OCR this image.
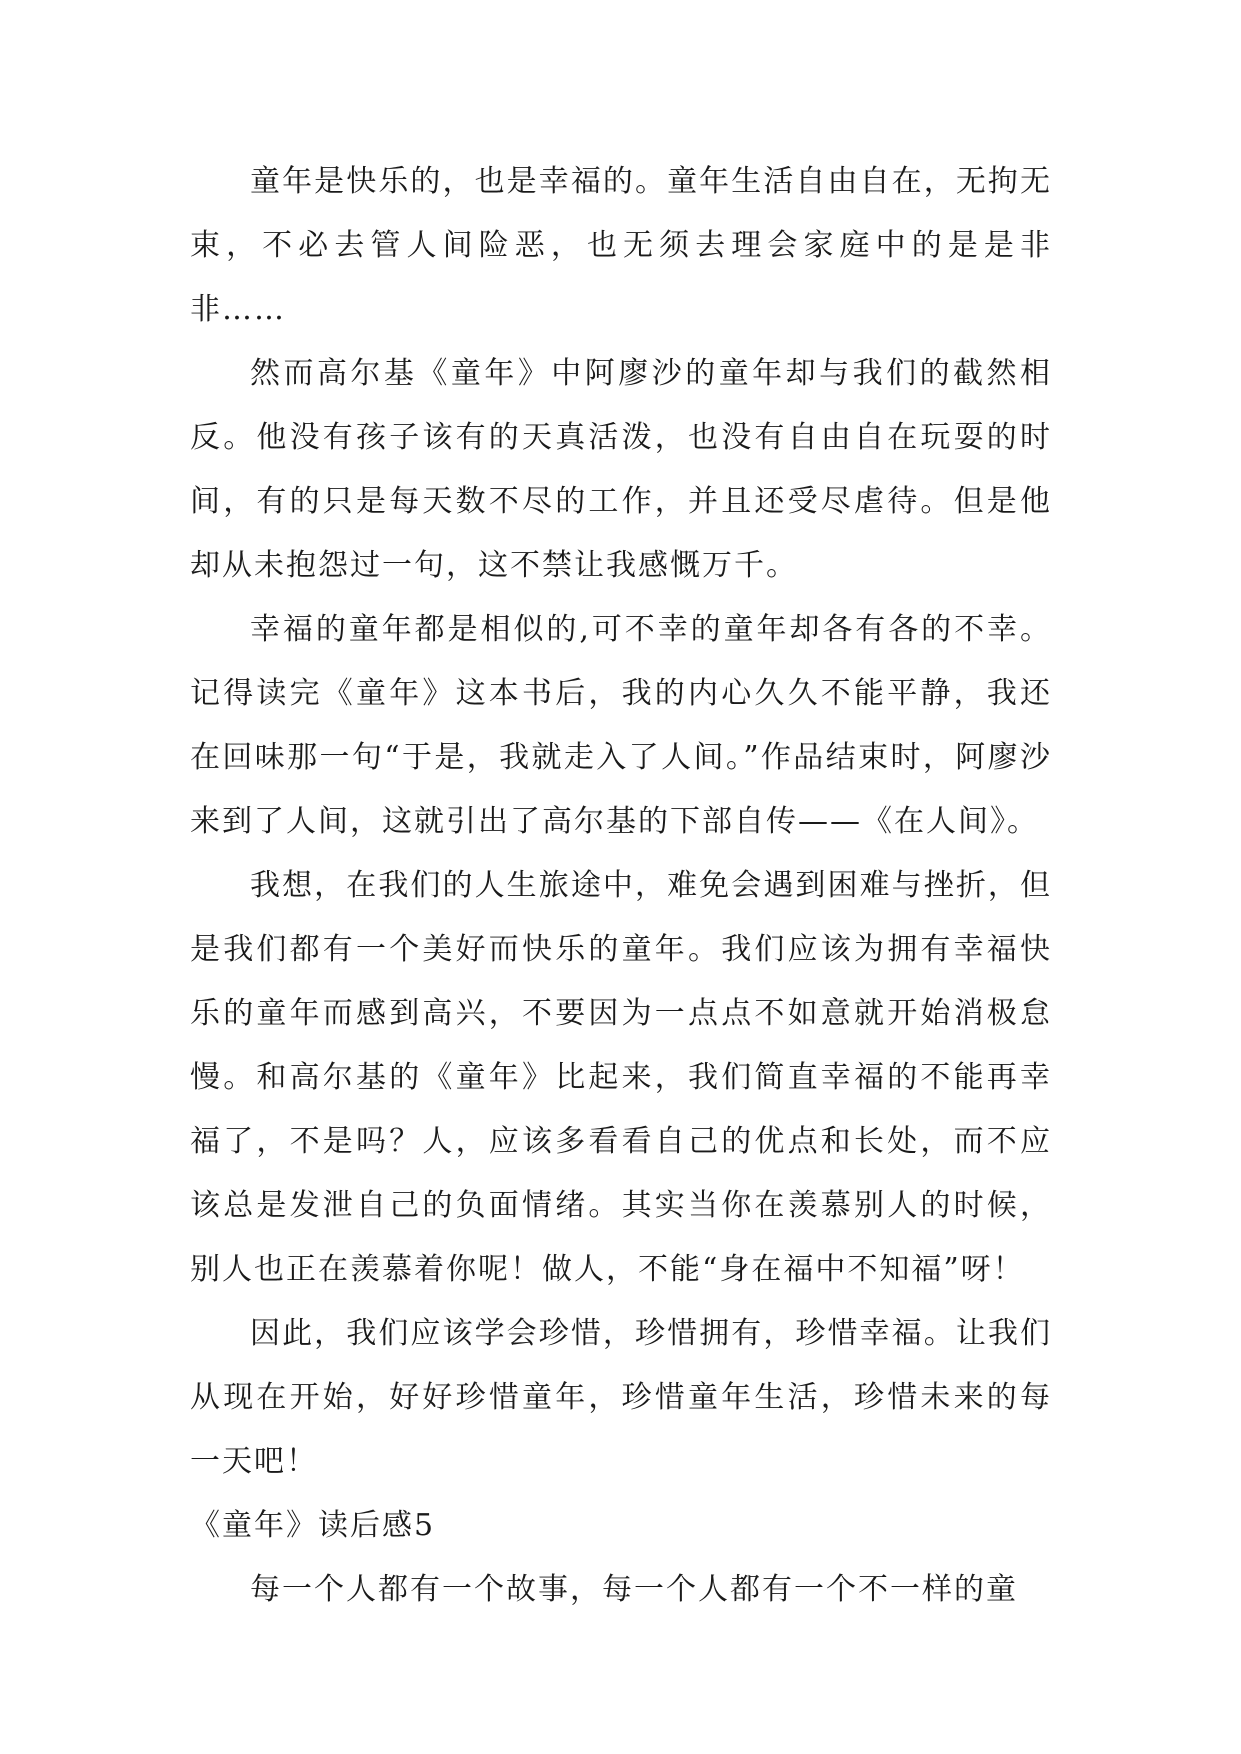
童年是快乐的，也是幸福的。童年生活自由自在，无拘无束，不必去管人间险恶，也无须去理会家庭中的是是非非……

然而高尔基《童年》中阿廖沙的童年却与我们的截然相反。他没有孩子该有的天真活泼，也没有自由自在玩耍的时间，有的只是每天数不尽的工作，并且还受尽虐待。但是他却从未抱怨过一句，这不禁让我感慨万千。

幸福的童年都是相似的,可不幸的童年却各有各的不幸。记得读完《童年》这本书后，我的内心久久不能平静，我还在回味那一句“于是，我就走入了人间。”作品结束时，阿廖沙来到了人间，这就引出了高尔基的下部自传——《在人间》。

我想，在我们的人生旅途中，难免会遇到困难与挫折，但是我们都有一个美好而快乐的童年。我们应该为拥有幸福快乐的童年而感到高兴，不要因为一点点不如意就开始消极怠慢。和高尔基的《童年》比起来，我们简直幸福的不能再幸福了，不是吗？人，应该多看看自己的优点和长处，而不应该总是发泄自己的负面情绪。其实当你在羡慕别人的时候，别人也正在羡慕着你呢！做人，不能“身在福中不知福”呀！

因此，我们应该学会珍惜，珍惜拥有，珍惜幸福。让我们从现在开始，好好珍惜童年，珍惜童年生活，珍惜未来的每一天吧！

《童年》读后感5

每一个人都有一个故事，每一个人都有一个不一样的童
